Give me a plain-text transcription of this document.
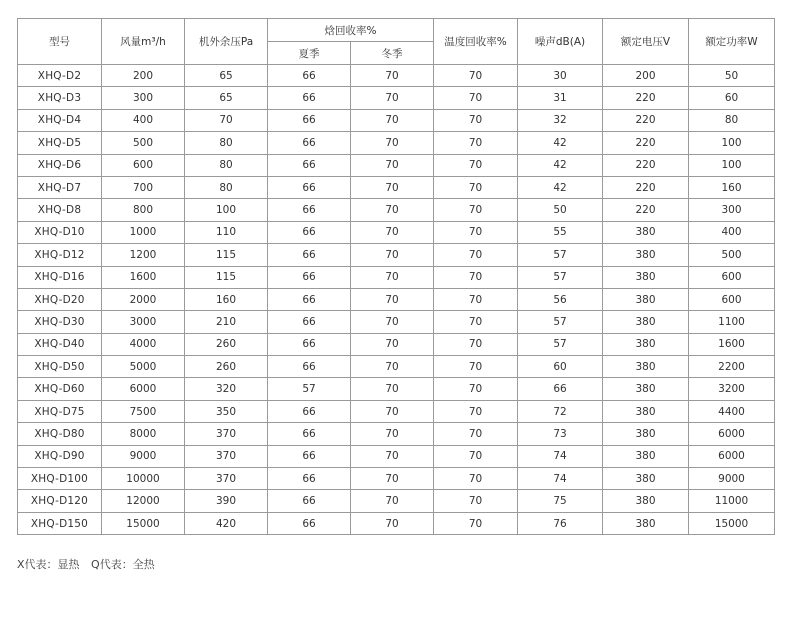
型号	风量m³/h	机外余压Pa	焓回收率%		温度回收率%	噪声dB(A)	额定电压V	额定功率W
			夏季	冬季				
XHQ-D2	200	65	66	70	70	30	200	50
XHQ-D3	300	65	66	70	70	31	220	60
XHQ-D4	400	70	66	70	70	32	220	80
XHQ-D5	500	80	66	70	70	42	220	100
XHQ-D6	600	80	66	70	70	42	220	100
XHQ-D7	700	80	66	70	70	42	220	160
XHQ-D8	800	100	66	70	70	50	220	300
XHQ-D10	1000	110	66	70	70	55	380	400
XHQ-D12	1200	115	66	70	70	57	380	500
XHQ-D16	1600	115	66	70	70	57	380	600
XHQ-D20	2000	160	66	70	70	56	380	600
XHQ-D30	3000	210	66	70	70	57	380	1100
XHQ-D40	4000	260	66	70	70	57	380	1600
XHQ-D50	5000	260	66	70	70	60	380	2200
XHQ-D60	6000	320	57	70	70	66	380	3200
XHQ-D75	7500	350	66	70	70	72	380	4400
XHQ-D80	8000	370	66	70	70	73	380	6000
XHQ-D90	9000	370	66	70	70	74	380	6000
XHQ-D100	10000	370	66	70	70	74	380	9000
XHQ-D120	12000	390	66	70	70	75	380	11000
XHQ-D150	15000	420	66	70	70	76	380	15000
X代表：显热 Q代表：全热
